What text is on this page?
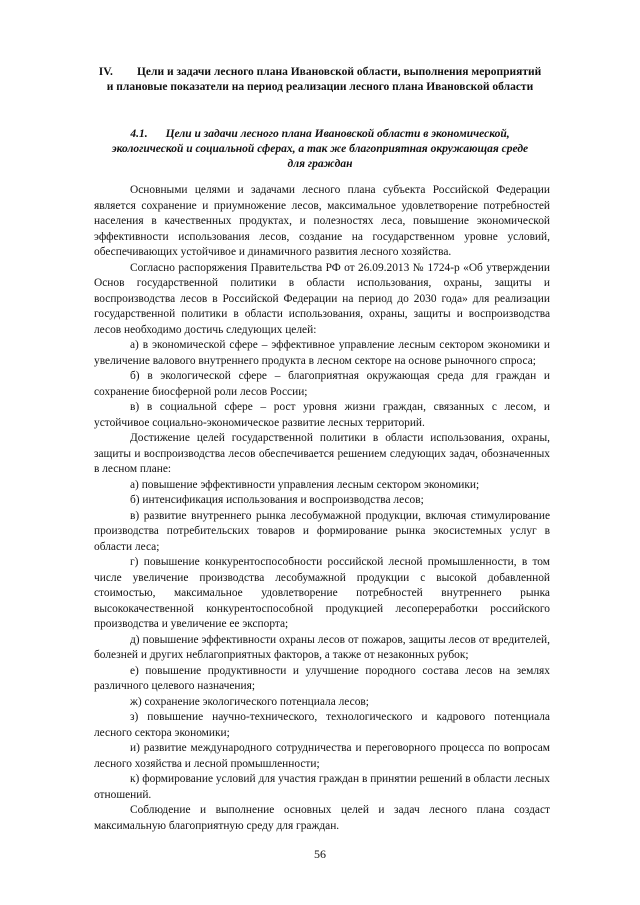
IV. Цели и задачи лесного плана Ивановской области, выполнения мероприятий и плановые показатели на период реализации лесного плана Ивановской области
4.1. Цели и задачи лесного плана Ивановской области в экономической, экологической и социальной сферах, а так же благоприятная окружающая среде для граждан

Основными целями и задачами лесного плана субъекта Российской Федерации является сохранение и приумножение лесов, максимальное удовлетворение потребностей населения в качественных продуктах, и полезностях леса, повышение экономической эффективности использования лесов, создание на государственном уровне условий, обеспечивающих устойчивое и динамичного развития лесного хозяйства.

Согласно распоряжения Правительства РФ от 26.09.2013 № 1724-р «Об утверждении Основ государственной политики в области использования, охраны, защиты и воспроизводства лесов в Российской Федерации на период до 2030 года» для реализации государственной политики в области использования, охраны, защиты и воспроизводства лесов необходимо достичь следующих целей:

а) в экономической сфере – эффективное управление лесным сектором экономики и увеличение валового внутреннего продукта в лесном секторе на основе рыночного спроса;

б) в экологической сфере – благоприятная окружающая среда для граждан и сохранение биосферной роли лесов России;

в) в социальной сфере – рост уровня жизни граждан, связанных с лесом, и устойчивое социально-экономическое развитие лесных территорий.

Достижение целей государственной политики в области использования, охраны, защиты и воспроизводства лесов обеспечивается решением следующих задач, обозначенных в лесном плане:

а) повышение эффективности управления лесным сектором экономики;

б) интенсификация использования и воспроизводства лесов;

в) развитие внутреннего рынка лесобумажной продукции, включая стимулирование производства потребительских товаров и формирование рынка экосистемных услуг в области леса;

г) повышение конкурентоспособности российской лесной промышленности, в том числе увеличение производства лесобумажной продукции с высокой добавленной стоимостью, максимальное удовлетворение потребностей внутреннего рынка высококачественной конкурентоспособной продукцией лесопереработки российского производства и увеличение ее экспорта;

д) повышение эффективности охраны лесов от пожаров, защиты лесов от вредителей, болезней и других неблагоприятных факторов, а также от незаконных рубок;

е) повышение продуктивности и улучшение породного состава лесов на землях различного целевого назначения;

ж) сохранение экологического потенциала лесов;

з) повышение научно-технического, технологического и кадрового потенциала лесного сектора экономики;

и) развитие международного сотрудничества и переговорного процесса по вопросам лесного хозяйства и лесной промышленности;

к) формирование условий для участия граждан в принятии решений в области лесных отношений.

Соблюдение и выполнение основных целей и задач лесного плана создаст максимальную благоприятную среду для граждан.

56
